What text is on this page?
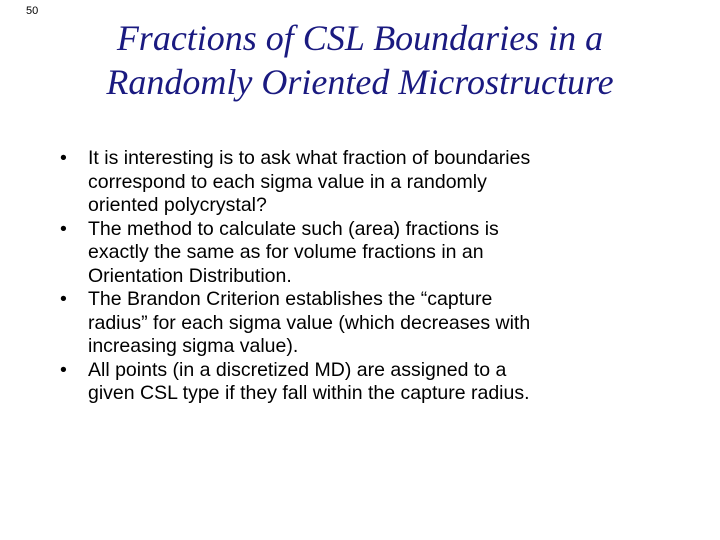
50
Fractions of CSL Boundaries in a
Randomly Oriented Microstructure
•	It is interesting is to ask what fraction of boundaries
correspond to each sigma value in a randomly
oriented polycrystal?
•	The method to calculate such (area) fractions is
exactly the same as for volume fractions in an
Orientation Distribution.
•	The Brandon Criterion establishes the “capture
radius” for each sigma value (which decreases with
increasing sigma value).
•	All points (in a discretized MD) are assigned to a
given CSL type if they fall within the capture radius.
